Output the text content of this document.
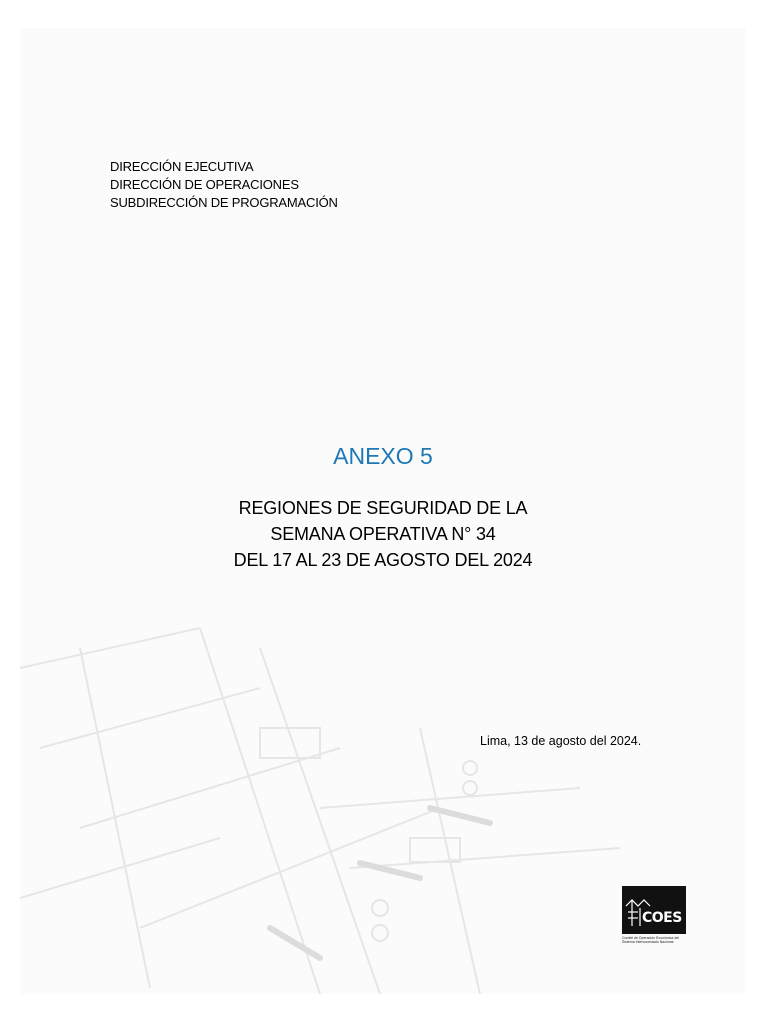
DIRECCIÓN EJECUTIVA
DIRECCIÓN DE OPERACIONES
SUBDIRECCIÓN DE PROGRAMACIÓN
ANEXO 5
REGIONES DE SEGURIDAD DE LA
SEMANA OPERATIVA N° 34
DEL 17 AL 23 DE AGOSTO DEL 2024
Lima, 13 de agosto del 2024.
COES
Comité de Operación Económica del
Sistema Interconectado Nacional
